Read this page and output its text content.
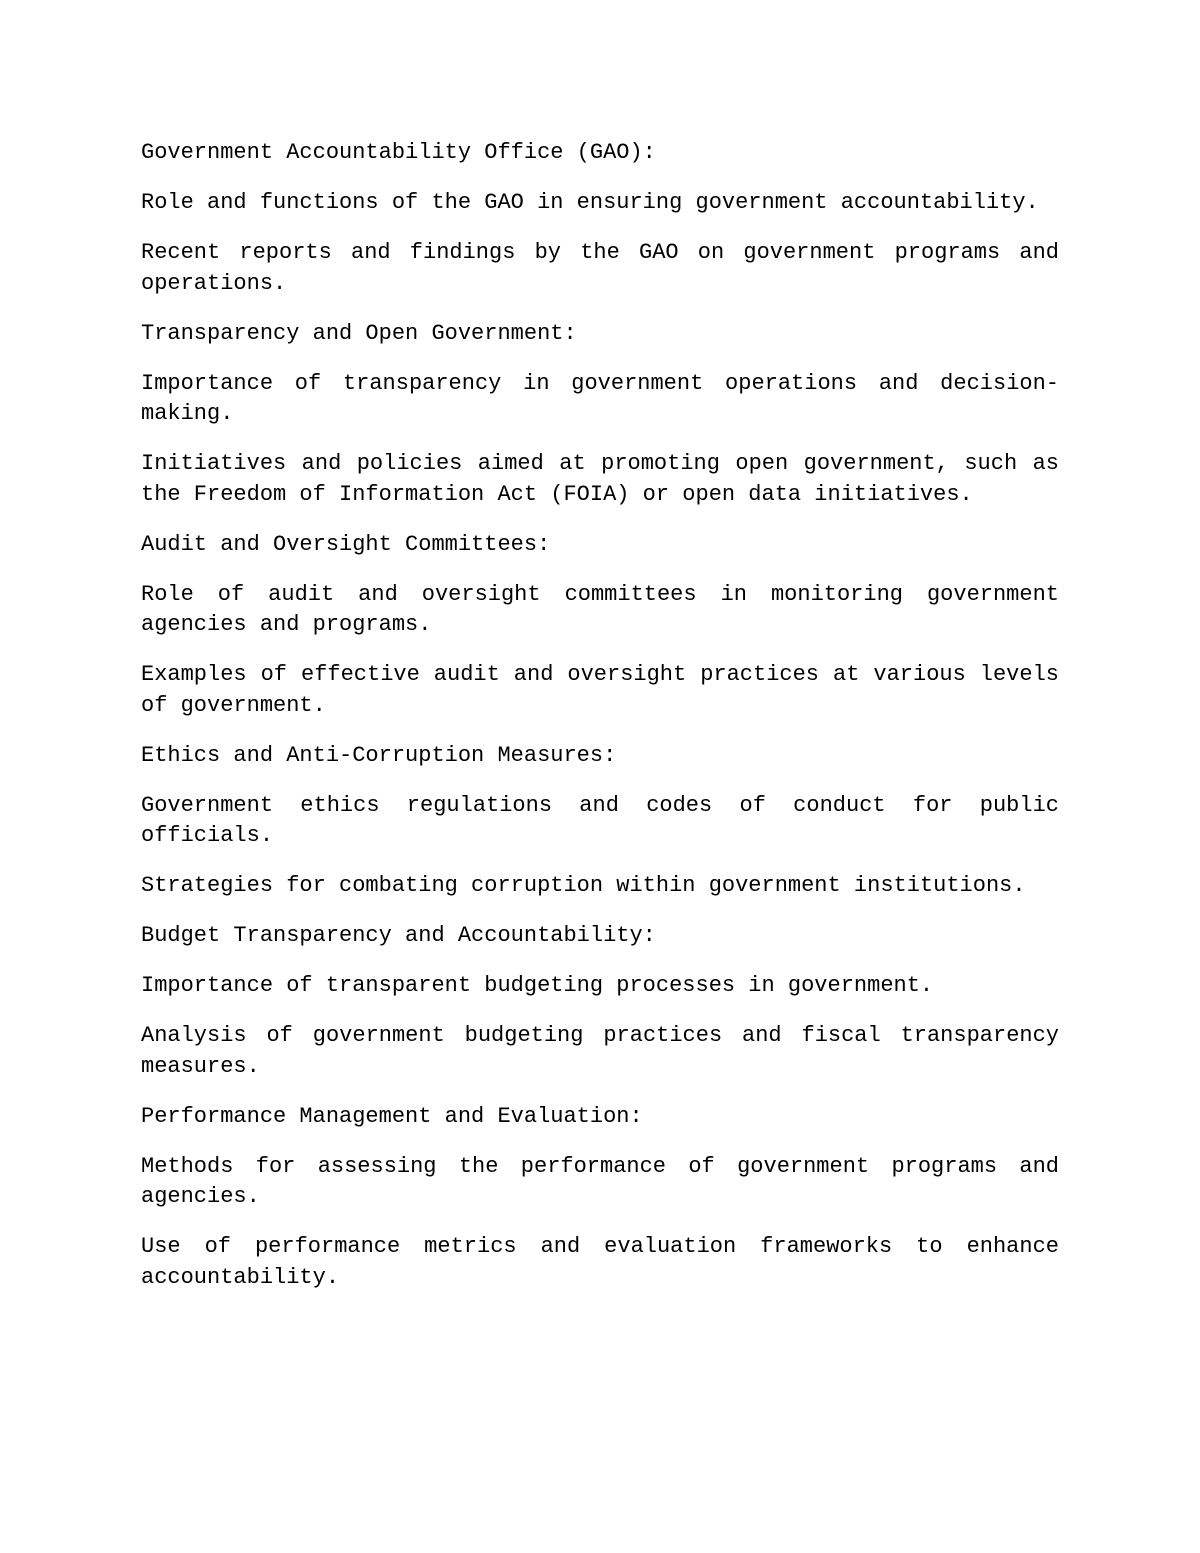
Government Accountability Office (GAO):

Role and functions of the GAO in ensuring government accountability.

Recent reports and findings by the GAO on government programs and operations.

Transparency and Open Government:

Importance of transparency in government operations and decision-making.

Initiatives and policies aimed at promoting open government, such as the Freedom of Information Act (FOIA) or open data initiatives.

Audit and Oversight Committees:

Role of audit and oversight committees in monitoring government agencies and programs.

Examples of effective audit and oversight practices at various levels of government.

Ethics and Anti-Corruption Measures:

Government ethics regulations and codes of conduct for public officials.

Strategies for combating corruption within government institutions.

Budget Transparency and Accountability:

Importance of transparent budgeting processes in government.

Analysis of government budgeting practices and fiscal transparency measures.

Performance Management and Evaluation:

Methods for assessing the performance of government programs and agencies.

Use of performance metrics and evaluation frameworks to enhance accountability.
